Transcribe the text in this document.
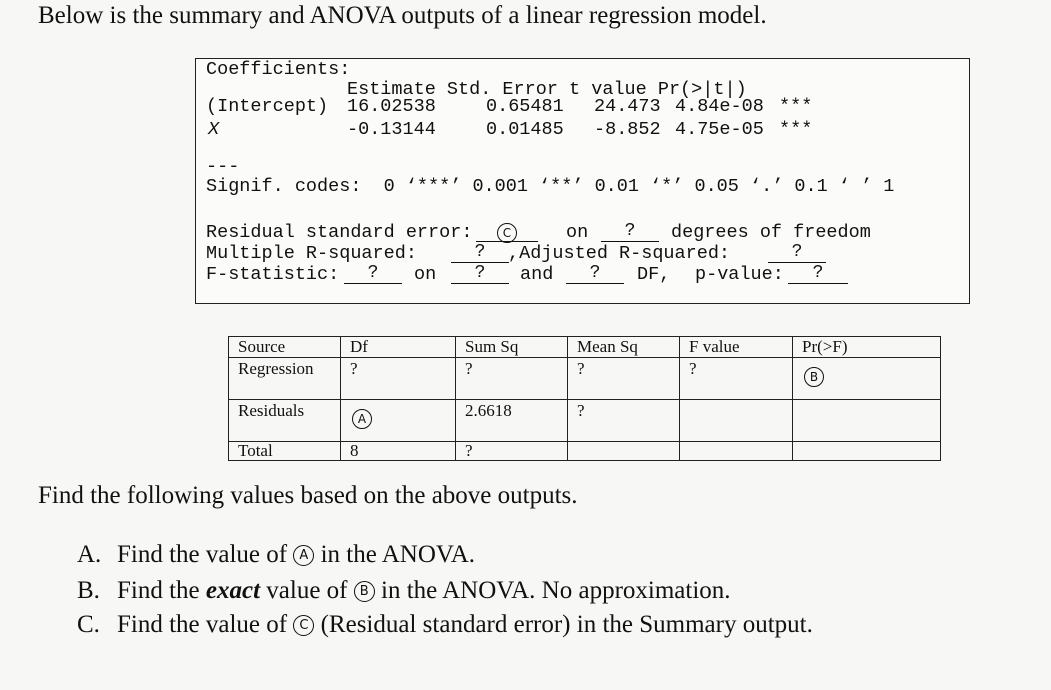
Below is the summary and ANOVA outputs of a linear regression model.
Coefficients:
Estimate Std. Error t value Pr(>|t|)
(Intercept) 16.02538	0.65481 24.473 4.84e-08 ***
X	-0.13144	0.01485 -8.852 4.75e-05 ***
---
Signif. codes:  0 ‘***’ 0.001 ‘**’ 0.01 ‘*’ 0.05 ‘.’ 0.1 ‘ ’ 1
Residual standard error:	C	on	?	degrees of freedom
Multiple R-squared:	?	,Adjusted R-squared:	?
F-statistic:	?	on	?	and	?	DF, p-value:	?
Source	Df	Sum Sq	Mean Sq	F value	Pr(>F)
Regression	?	?	?	?	B
Residuals	A	2.6618	?		
Total	8	?			
Find the following values based on the above outputs.
A. Find the value of A in the ANOVA.
B. Find the exact value of B in the ANOVA. No approximation.
C. Find the value of C (Residual standard error) in the Summary output.
